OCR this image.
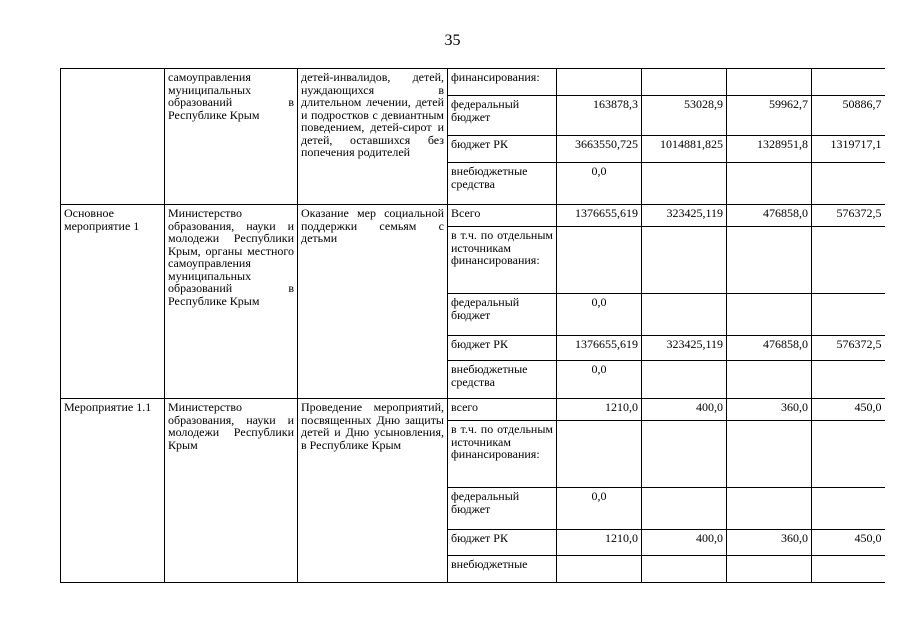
35
	самоуправления муниципальных образований в Республике Крым	детей-инвалидов, детей, нуждающихся в длительном лечении, детей и подростков с девиантным поведением, детей-сирот и детей, оставшихся без попечения родителей	финансирования:				
			федеральный бюджет	163878,3	53028,9	59962,7	50886,7
			бюджет РК	3663550,725	1014881,825	1328951,8	1319717,1
			внебюджетные средства	0,0			
Основное мероприятие 1	Министерство образования, науки и молодежи Республики Крым, органы местного самоуправления муниципальных образований в Республике Крым	Оказание мер социальной поддержки семьям с детьми	Всего	1376655,619	323425,119	476858,0	576372,5
			в т.ч. по отдельным источникам финансирования:				
			федеральный бюджет	0,0			
			бюджет РК	1376655,619	323425,119	476858,0	576372,5
			внебюджетные средства	0,0			
Мероприятие 1.1	Министерство образования, науки и молодежи Республики Крым	Проведение мероприятий, посвященных Дню защиты детей и Дню усыновления, в Республике Крым	всего	1210,0	400,0	360,0	450,0
			в т.ч. по отдельным источникам финансирования:				
			федеральный бюджет	0,0			
			бюджет РК	1210,0	400,0	360,0	450,0
			внебюджетные				
